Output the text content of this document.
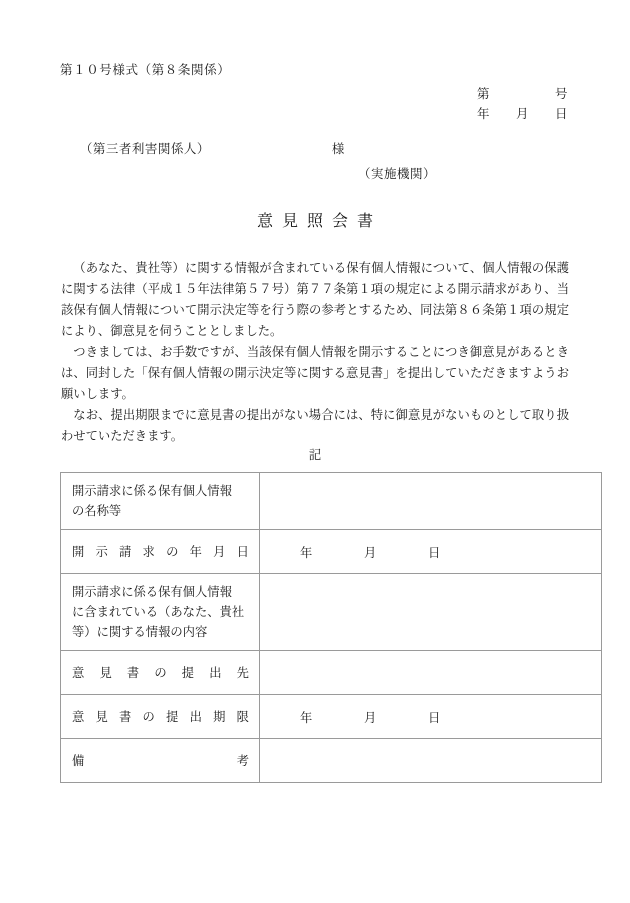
第１０号様式（第８条関係）
第　　　　　号
年　　月　　日

（第三者利害関係人）	様

（実施機関）
意見照会書

（あなた、貴社等）に関する情報が含まれている保有個人情報について、個人情報の保護に関する法律（平成１５年法律第５７号）第７７条第１項の規定による開示請求があり、当該保有個人情報について開示決定等を行う際の参考とするため、同法第８６条第１項の規定により、御意見を伺うこととしました。

つきましては、お手数ですが、当該保有個人情報を開示することにつき御意見があるときは、同封した「保有個人情報の開示決定等に関する意見書」を提出していただきますようお願いします。

なお、提出期限までに意見書の提出がない場合には、特に御意見がないものとして取り扱わせていただきます。

記
開示請求に係る保有個人情報
の名称等	

開 示 請 求 の 年 月 日	年　　　　月　　　　日

開示請求に係る保有個人情報
に含まれている（あなた、貴社
等）に関する情報の内容	

意 見 書 の 提 出 先

意 見 書 の 提 出 期 限	年　　　　月　　　　日

備 考	
